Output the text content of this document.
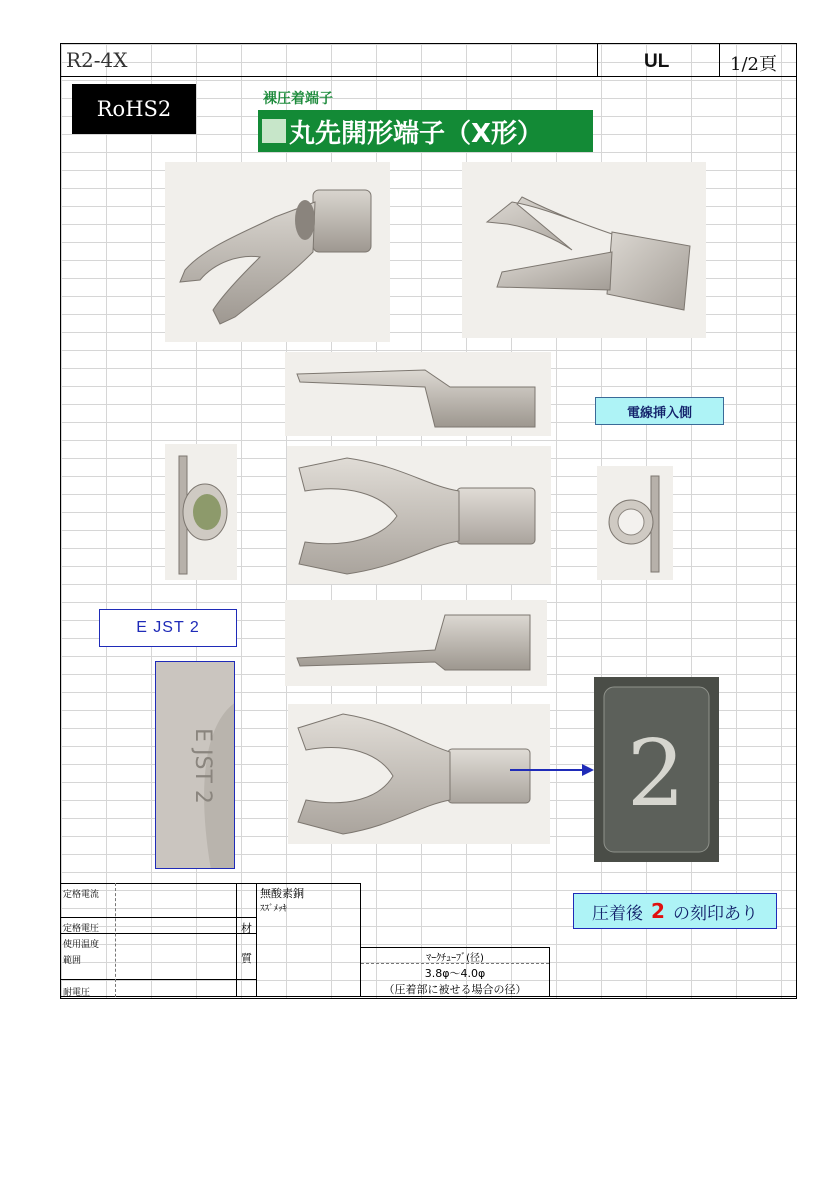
R2-4X	UL	1/2頁
RoHS2	裸圧着端子
丸先開形端子（X形）
電線挿入側
E JST 2
E JST 2	2
圧着後 2 の刻印あり
定格電流
定格電圧
使用温度
範囲
耐電圧
材
質
無酸素銅
ｽｽﾞﾒｯｷ
ﾏｰｸﾁｭｰﾌﾞ(径)
3.8φ～4.0φ
（圧着部に被せる場合の径）
